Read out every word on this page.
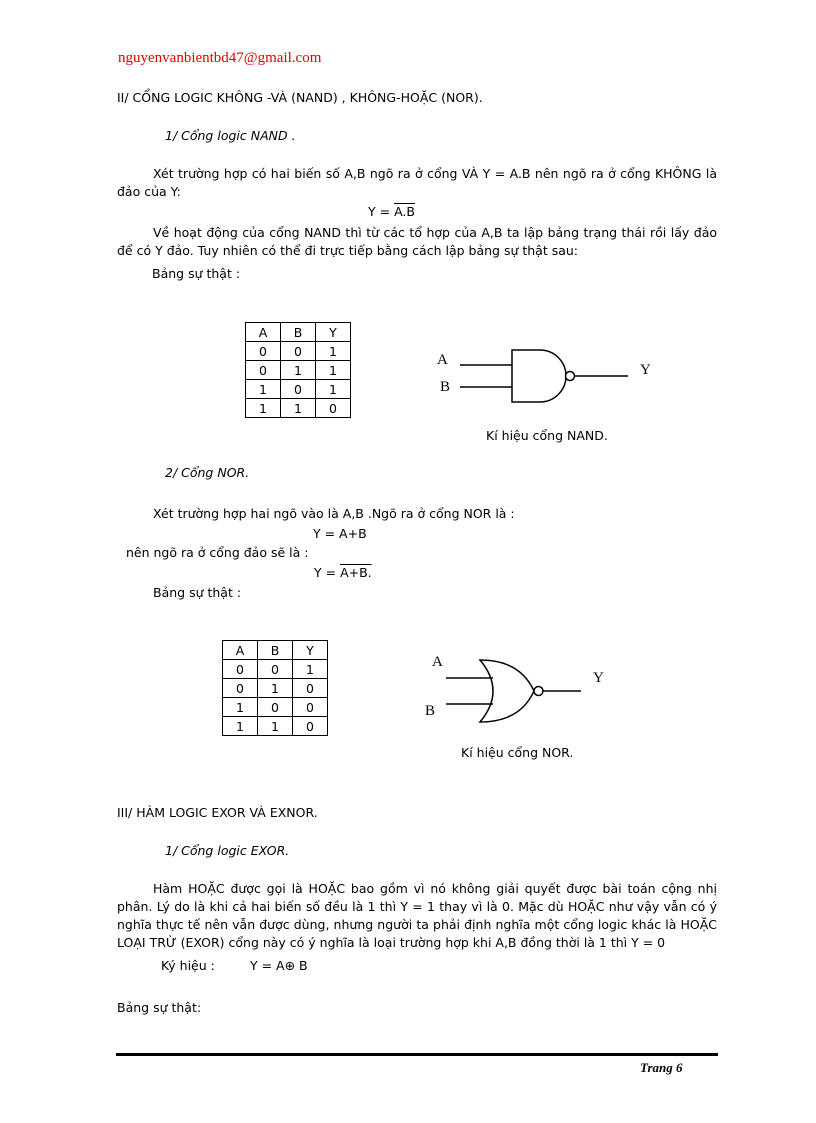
nguyenvanbientbd47@gmail.com
II/ CỔNG LOGIC KHÔNG -VÀ (NAND) , KHÔNG-HOẶC (NOR).
1/ Cổng logic NAND .
Xét trường hợp có hai biến số A,B ngõ ra ở cổng VÀ Y = A.B nên ngõ ra ở cổng KHÔNG là đảo của Y:
Y = A.B
Về hoạt động của cổng NAND thì từ các tổ hợp của A,B ta lập bảng trạng thái rồi lấy đảo để có Y đảo. Tuy nhiên có thể đi trực tiếp bằng cách lập bảng sự thật sau:
Bảng sự thật :
A	B	Y
0	0	1
0	1	1
1	0	1
1	1	0
A
B
Y
Kí hiệu cổng NAND.
2/ Cổng NOR.
Xét trường hợp hai ngõ vào là A,B .Ngõ ra ở cổng NOR là :
Y = A+B
nên ngõ ra ở cổng đảo sẽ là :
Y = A+B.
Bảng sự thật :
A	B	Y
0	0	1
0	1	0
1	0	0
1	1	0
A
B
Y
Kí hiệu cổng NOR.
III/ HÀM LOGIC EXOR VÀ EXNOR.
1/ Cổng logic EXOR.
Hàm HOẶC được gọi là HOẶC bao gồm vì nó không giải quyết được bài toán cộng nhị phân. Lý do là khi cả hai biến số đều là 1 thì Y = 1 thay vì là 0. Mặc dù HOẶC như vậy vẫn có ý nghĩa thực tế nên vẫn được dùng, nhưng người ta phải định nghĩa một cổng logic khác là HOẶC LOẠI TRỪ (EXOR) cổng này có ý nghĩa là loại trường hợp khi A,B đồng thời là 1 thì Y = 0
Ký hiệu :	Y = A⊕ B
Bảng sự thật:
Trang 6
